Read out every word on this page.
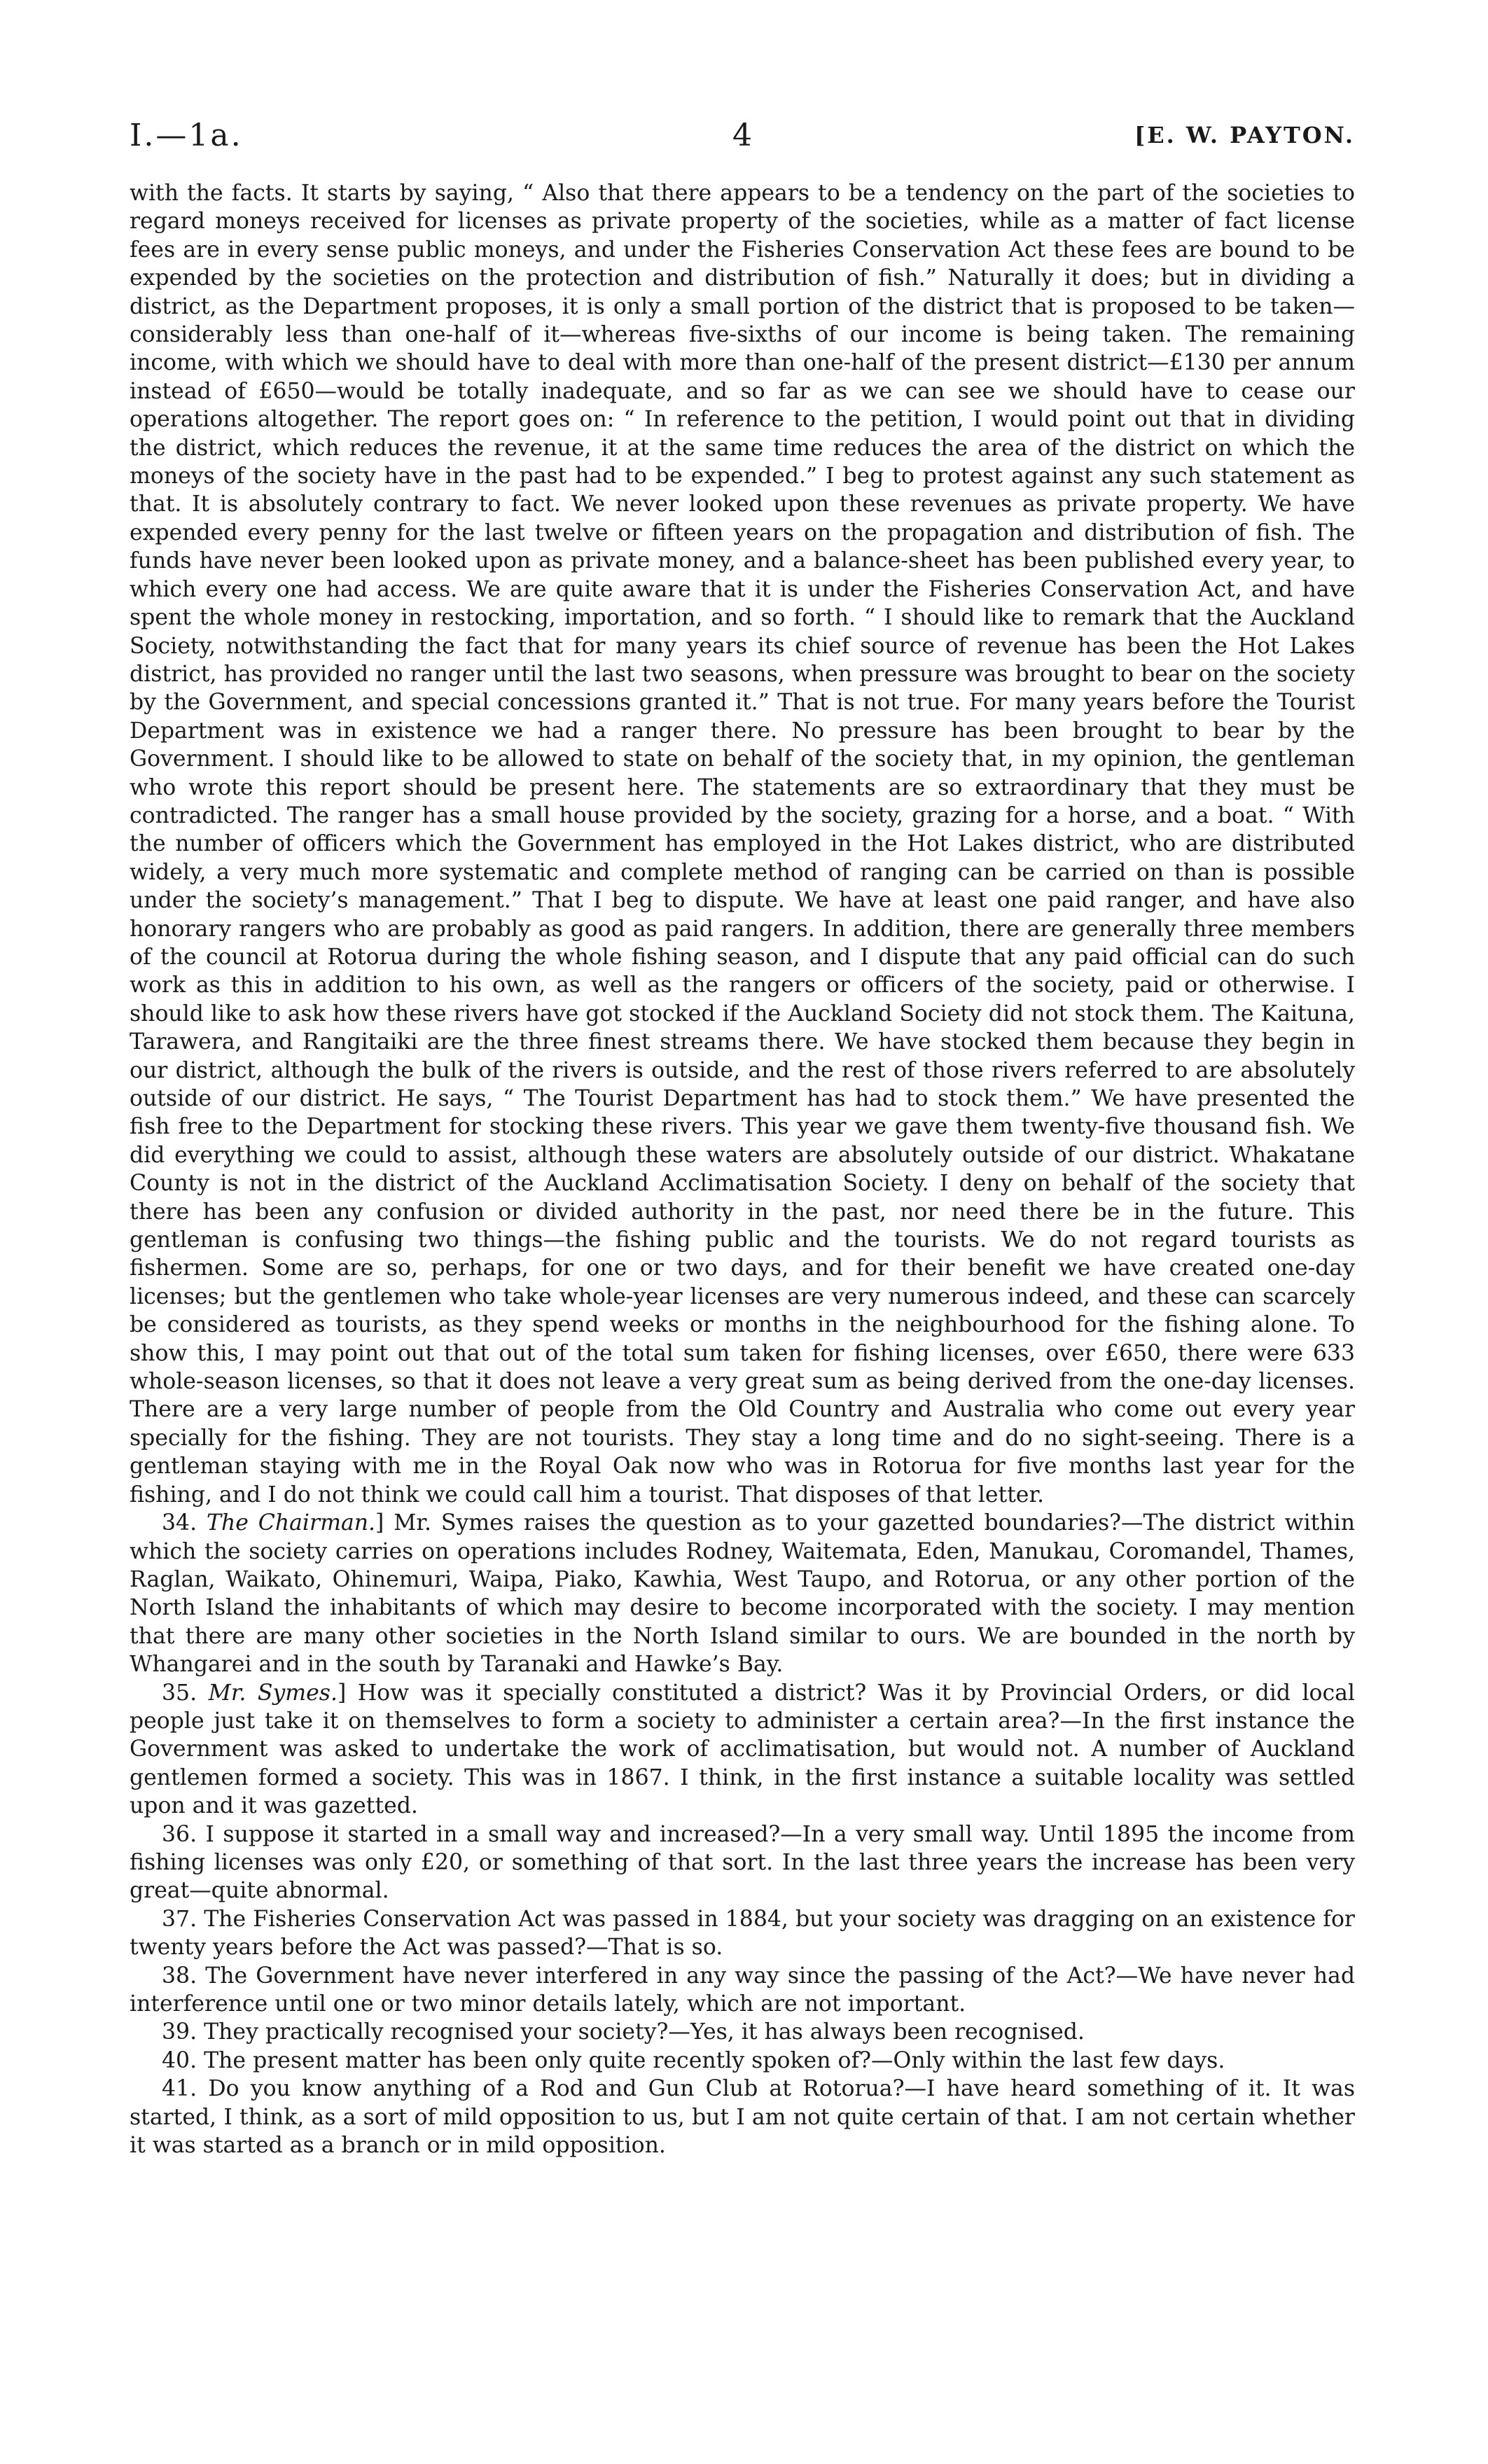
I.—1a.	4	[E. W. PAYTON.

with the facts. It starts by saying, “ Also that there appears to be a tendency on the part of the societies to regard moneys received for licenses as private property of the societies, while as a matter of fact license fees are in every sense public moneys, and under the Fisheries Conservation Act these fees are bound to be expended by the societies on the protection and distribution of fish.” Naturally it does; but in dividing a district, as the Department proposes, it is only a small portion of the district that is proposed to be taken—considerably less than one-half of it—whereas five-sixths of our income is being taken. The remaining income, with which we should have to deal with more than one-half of the present district—£130 per annum instead of £650—would be totally inadequate, and so far as we can see we should have to cease our operations altogether. The report goes on: “ In reference to the petition, I would point out that in dividing the district, which reduces the revenue, it at the same time reduces the area of the district on which the moneys of the society have in the past had to be expended.” I beg to protest against any such statement as that. It is absolutely contrary to fact. We never looked upon these revenues as private property. We have expended every penny for the last twelve or fifteen years on the propagation and distribution of fish. The funds have never been looked upon as private money, and a balance-sheet has been published every year, to which every one had access. We are quite aware that it is under the Fisheries Conservation Act, and have spent the whole money in restocking, importation, and so forth. “ I should like to remark that the Auckland Society, notwithstanding the fact that for many years its chief source of revenue has been the Hot Lakes district, has provided no ranger until the last two seasons, when pressure was brought to bear on the society by the Government, and special concessions granted it.” That is not true. For many years before the Tourist Department was in existence we had a ranger there. No pressure has been brought to bear by the Government. I should like to be allowed to state on behalf of the society that, in my opinion, the gentleman who wrote this report should be present here. The statements are so extraordinary that they must be contradicted. The ranger has a small house provided by the society, grazing for a horse, and a boat. “ With the number of officers which the Government has employed in the Hot Lakes district, who are distributed widely, a very much more systematic and complete method of ranging can be carried on than is possible under the society’s management.” That I beg to dispute. We have at least one paid ranger, and have also honorary rangers who are probably as good as paid rangers. In addition, there are generally three members of the council at Rotorua during the whole fishing season, and I dispute that any paid official can do such work as this in addition to his own, as well as the rangers or officers of the society, paid or otherwise. I should like to ask how these rivers have got stocked if the Auckland Society did not stock them. The Kaituna, Tarawera, and Rangitaiki are the three finest streams there. We have stocked them because they begin in our district, although the bulk of the rivers is outside, and the rest of those rivers referred to are absolutely outside of our district. He says, “ The Tourist Department has had to stock them.” We have presented the fish free to the Department for stocking these rivers. This year we gave them twenty-five thousand fish. We did everything we could to assist, although these waters are absolutely outside of our district. Whakatane County is not in the district of the Auckland Acclimatisation Society. I deny on behalf of the society that there has been any confusion or divided authority in the past, nor need there be in the future. This gentleman is confusing two things—the fishing public and the tourists. We do not regard tourists as fishermen. Some are so, perhaps, for one or two days, and for their benefit we have created one-day licenses; but the gentlemen who take whole-year licenses are very numerous indeed, and these can scarcely be considered as tourists, as they spend weeks or months in the neighbourhood for the fishing alone. To show this, I may point out that out of the total sum taken for fishing licenses, over £650, there were 633 whole-season licenses, so that it does not leave a very great sum as being derived from the one-day licenses. There are a very large number of people from the Old Country and Australia who come out every year specially for the fishing. They are not tourists. They stay a long time and do no sight-seeing. There is a gentleman staying with me in the Royal Oak now who was in Rotorua for five months last year for the fishing, and I do not think we could call him a tourist. That disposes of that letter.

34. The Chairman.] Mr. Symes raises the question as to your gazetted boundaries?—The district within which the society carries on operations includes Rodney, Waitemata, Eden, Manukau, Coromandel, Thames, Raglan, Waikato, Ohinemuri, Waipa, Piako, Kawhia, West Taupo, and Rotorua, or any other portion of the North Island the inhabitants of which may desire to become incorporated with the society. I may mention that there are many other societies in the North Island similar to ours. We are bounded in the north by Whangarei and in the south by Taranaki and Hawke’s Bay.

35. Mr. Symes.] How was it specially constituted a district? Was it by Provincial Orders, or did local people just take it on themselves to form a society to administer a certain area?—In the first instance the Government was asked to undertake the work of acclimatisation, but would not. A number of Auckland gentlemen formed a society. This was in 1867. I think, in the first instance a suitable locality was settled upon and it was gazetted.

36. I suppose it started in a small way and increased?—In a very small way. Until 1895 the income from fishing licenses was only £20, or something of that sort. In the last three years the increase has been very great—quite abnormal.

37. The Fisheries Conservation Act was passed in 1884, but your society was dragging on an existence for twenty years before the Act was passed?—That is so.

38. The Government have never interfered in any way since the passing of the Act?—We have never had interference until one or two minor details lately, which are not important.

39. They practically recognised your society?—Yes, it has always been recognised.

40. The present matter has been only quite recently spoken of?—Only within the last few days.

41. Do you know anything of a Rod and Gun Club at Rotorua?—I have heard something of it. It was started, I think, as a sort of mild opposition to us, but I am not quite certain of that. I am not certain whether it was started as a branch or in mild opposition.
